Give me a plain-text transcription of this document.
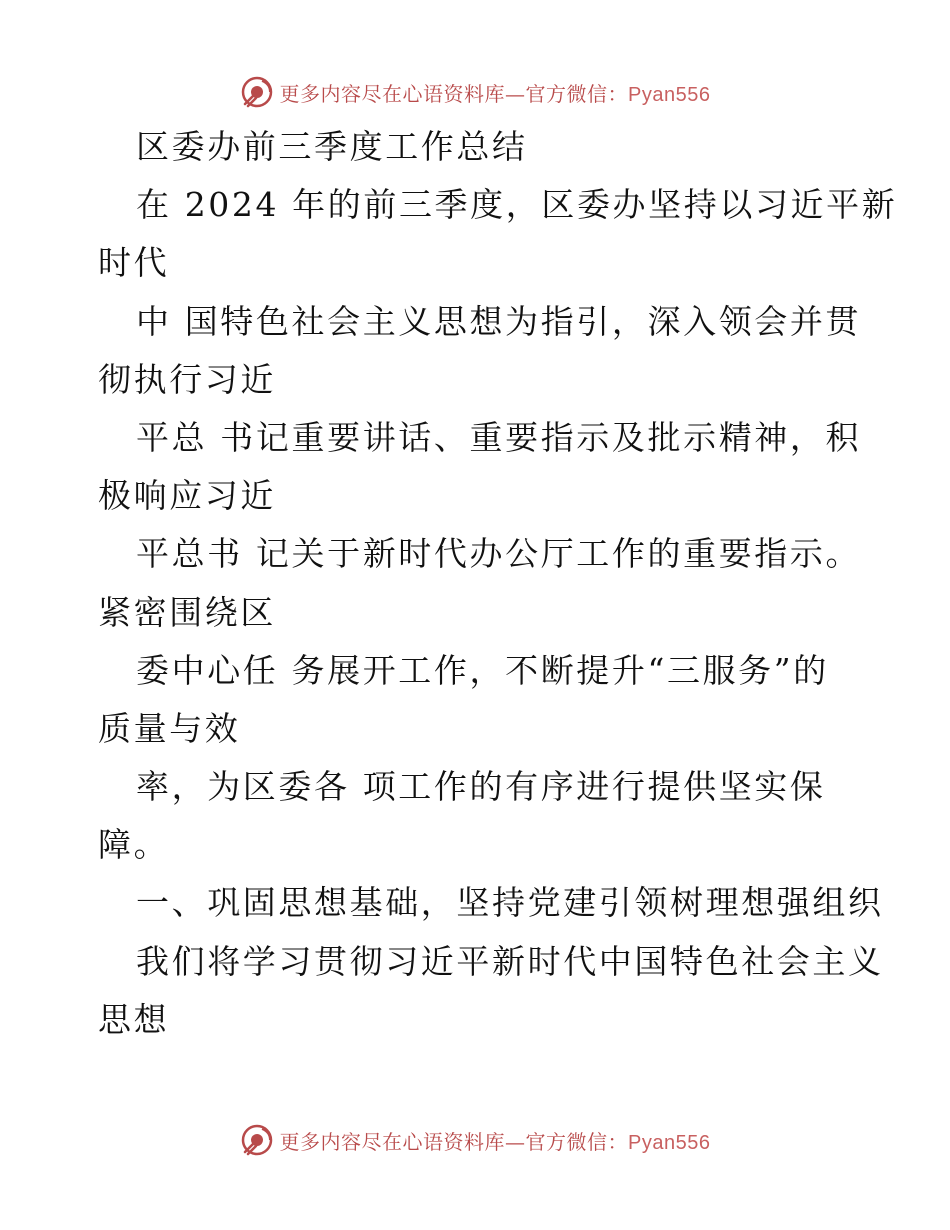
更多内容尽在心语资料库—官方微信：Pyan556
区委办前三季度工作总结
在 2024 年的前三季度，区委办坚持以习近平新
时代
中 国特色社会主义思想为指引，深入领会并贯
彻执行习近
平总 书记重要讲话、重要指示及批示精神，积
极响应习近
平总书 记关于新时代办公厅工作的重要指示。
紧密围绕区
委中心任 务展开工作，不断提升“三服务”的
质量与效
率，为区委各 项工作的有序进行提供坚实保
障。
一、巩固思想基础，坚持党建引领树理想强组织
我们将学习贯彻习近平新时代中国特色社会主义
思想
更多内容尽在心语资料库—官方微信：Pyan556
